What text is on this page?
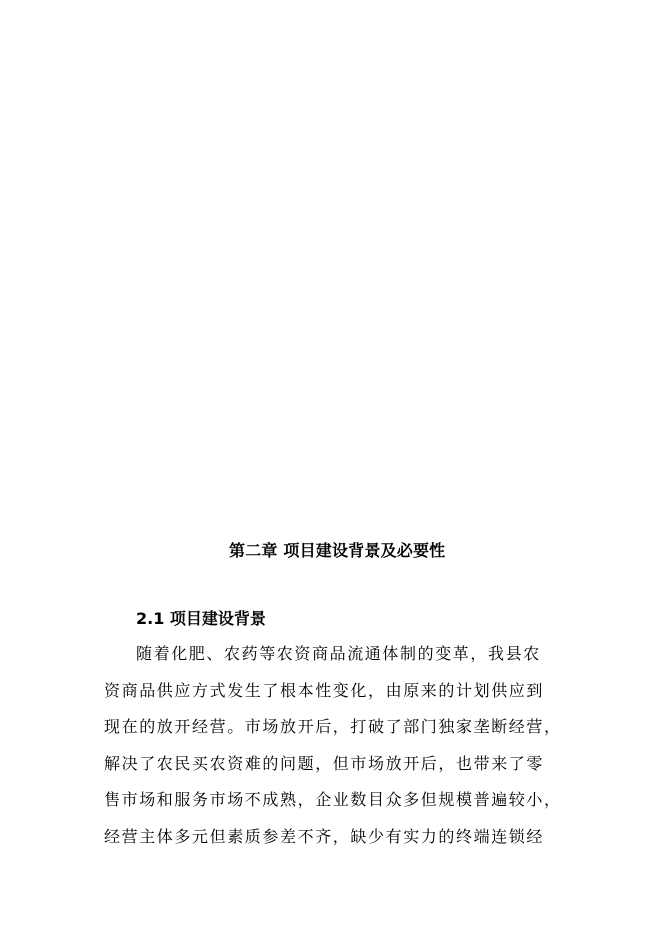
第二章 项目建设背景及必要性
2.1 项目建设背景
随着化肥、农药等农资商品流通体制的变革，我县农
资商品供应方式发生了根本性变化，由原来的计划供应到
现在的放开经营。市场放开后，打破了部门独家垄断经营，
解决了农民买农资难的问题，但市场放开后，也带来了零
售市场和服务市场不成熟，企业数目众多但规模普遍较小，
经营主体多元但素质参差不齐，缺少有实力的终端连锁经
